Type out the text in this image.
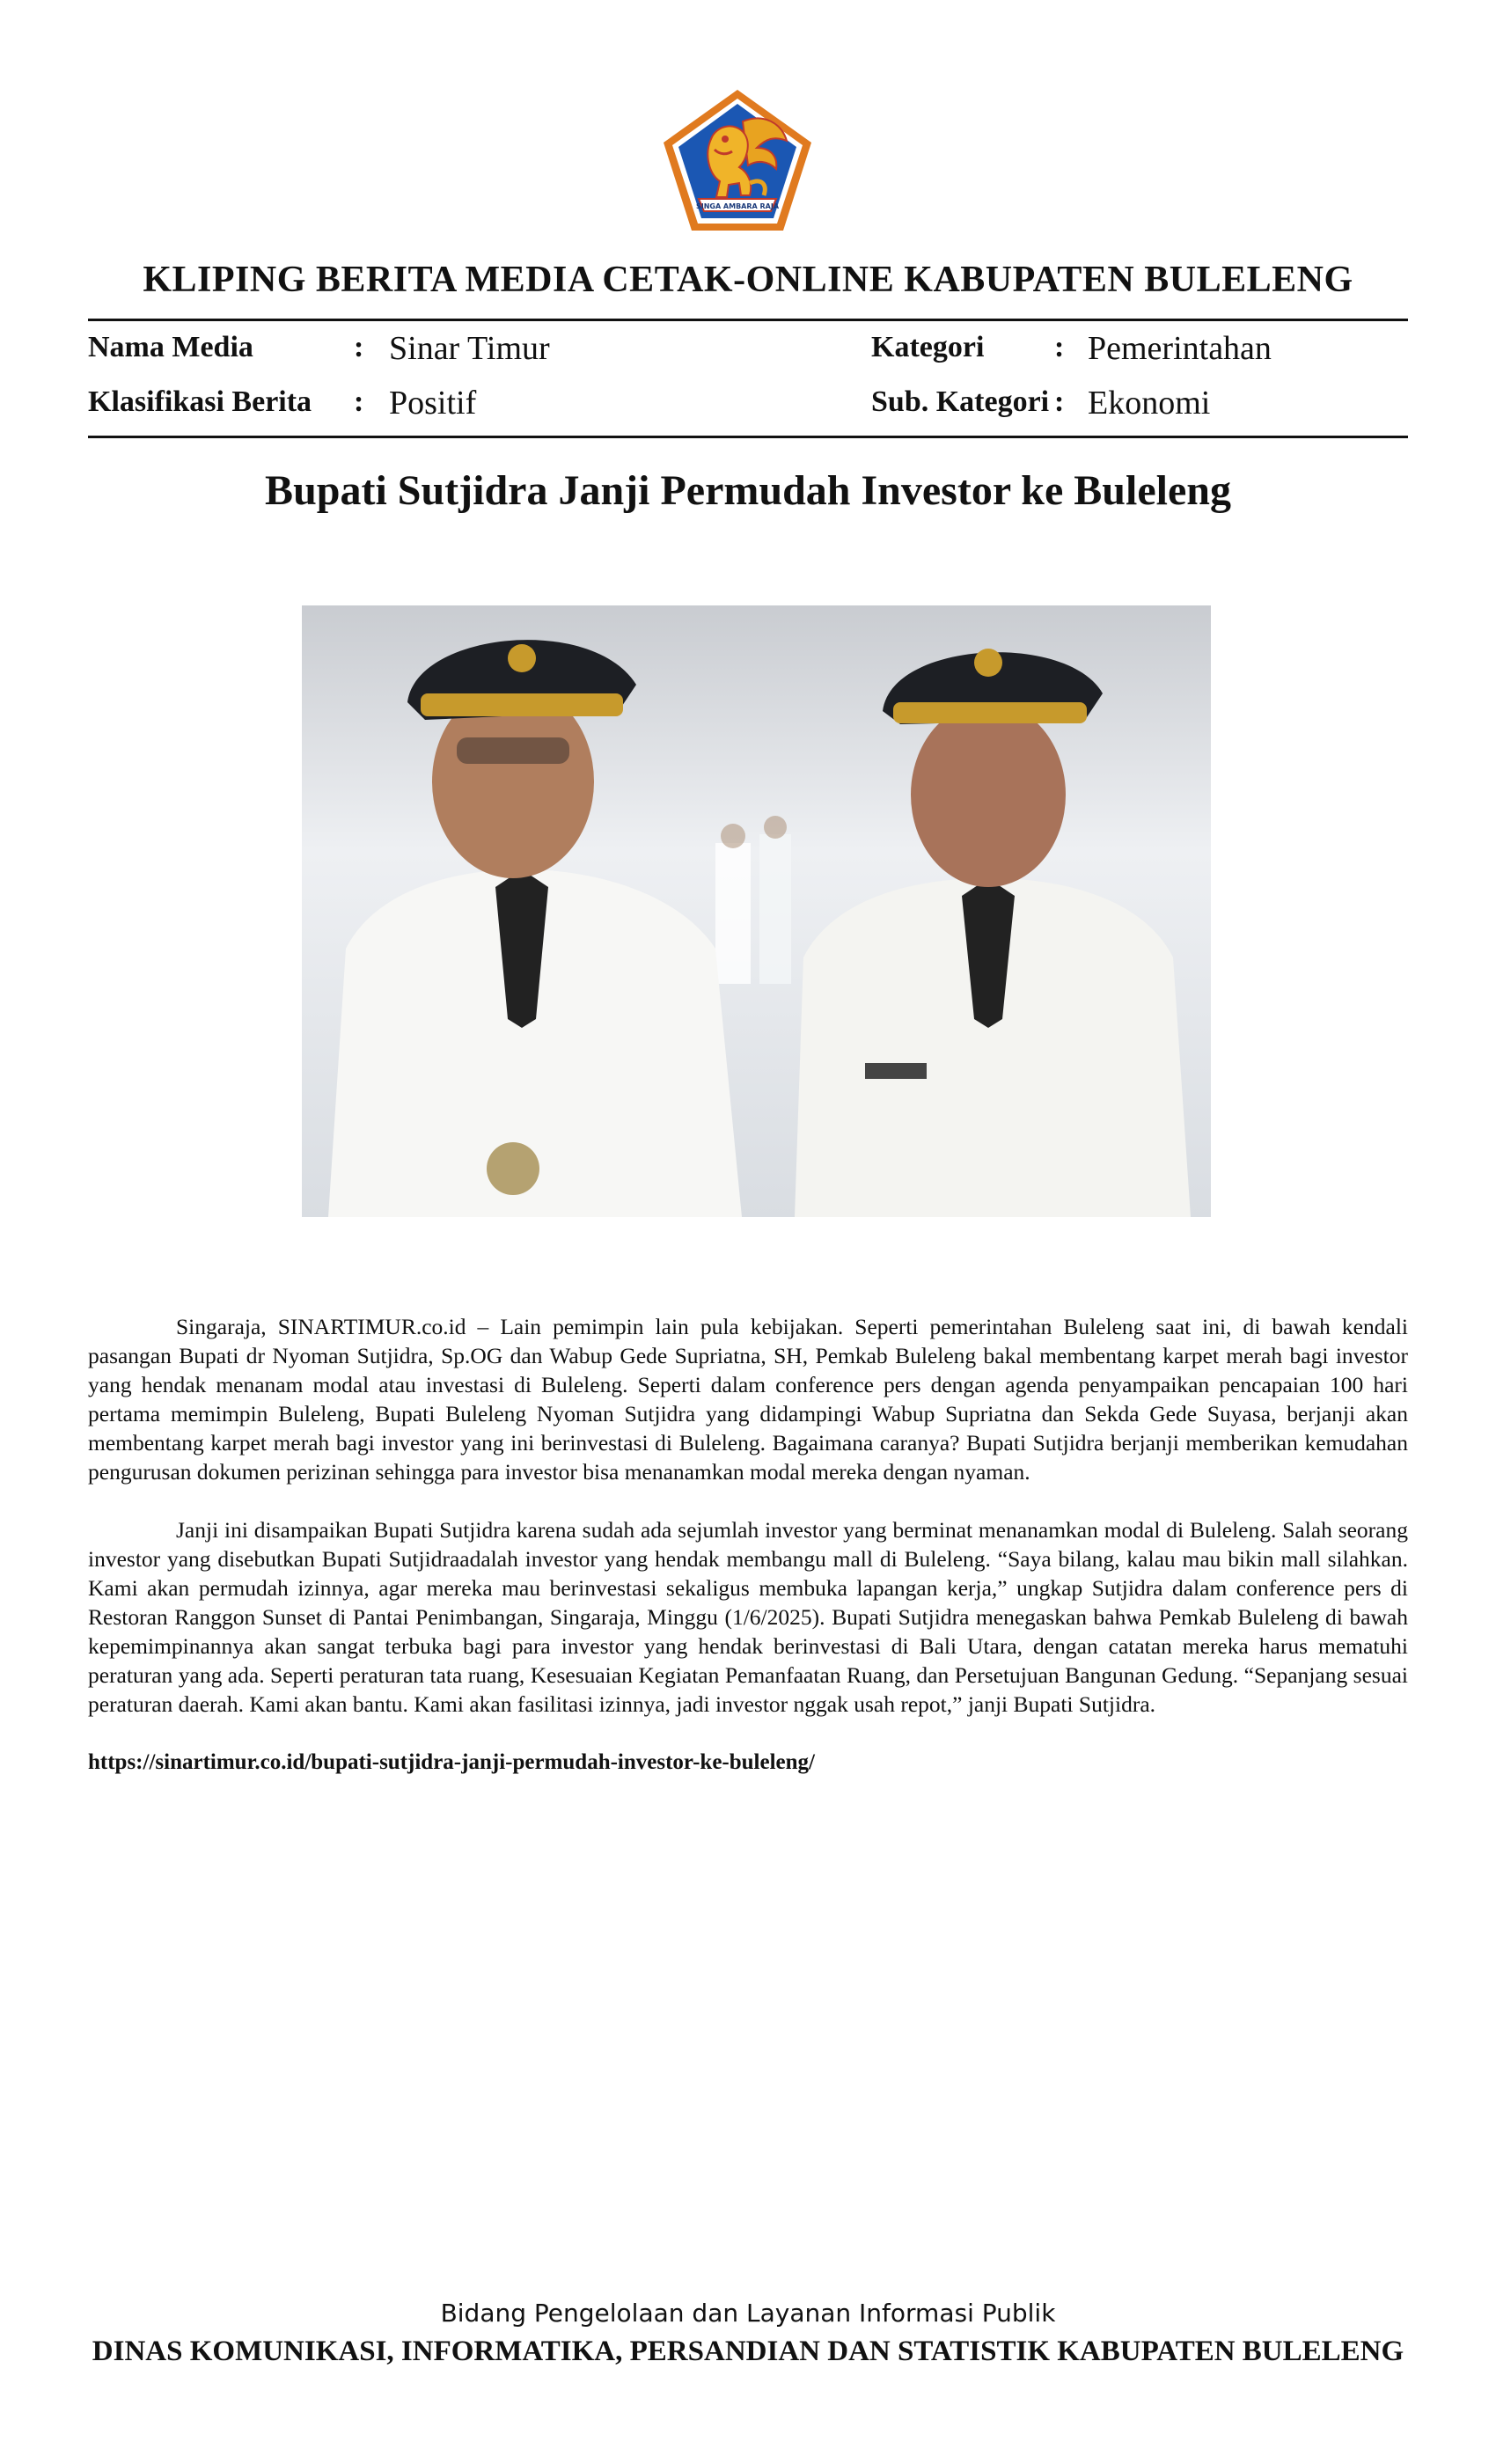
SINGA AMBARA RAJA
KLIPING BERITA MEDIA CETAK-ONLINE KABUPATEN BULELENG
Nama Media	: Sinar Timur	Kategori : Pemerintahan
Klasifikasi Berita : Positif	Sub. Kategori : Ekonomi
Bupati Sutjidra Janji Permudah Investor ke Buleleng

Singaraja, SINARTIMUR.co.id – Lain pemimpin lain pula kebijakan. Seperti pemerintahan Buleleng saat ini, di bawah kendali pasangan Bupati dr Nyoman Sutjidra, Sp.OG dan Wabup Gede Supriatna, SH, Pemkab Buleleng bakal membentang karpet merah bagi investor yang hendak menanam modal atau investasi di Buleleng. Seperti dalam conference pers dengan agenda penyampaikan pencapaian 100 hari pertama memimpin Buleleng, Bupati Buleleng Nyoman Sutjidra yang didampingi Wabup Supriatna dan Sekda Gede Suyasa, berjanji akan membentang karpet merah bagi investor yang ini berinvestasi di Buleleng. Bagaimana caranya? Bupati Sutjidra berjanji memberikan kemudahan pengurusan dokumen perizinan sehingga para investor bisa menanamkan modal mereka dengan nyaman.

Janji ini disampaikan Bupati Sutjidra karena sudah ada sejumlah investor yang berminat menanamkan modal di Buleleng. Salah seorang investor yang disebutkan Bupati Sutjidraadalah investor yang hendak membangu mall di Buleleng. “Saya bilang, kalau mau bikin mall silahkan. Kami akan permudah izinnya, agar mereka mau berinvestasi sekaligus membuka lapangan kerja,” ungkap Sutjidra dalam conference pers di Restoran Ranggon Sunset di Pantai Penimbangan, Singaraja, Minggu (1/6/2025). Bupati Sutjidra menegaskan bahwa Pemkab Buleleng di bawah kepemimpinannya akan sangat terbuka bagi para investor yang hendak berinvestasi di Bali Utara, dengan catatan mereka harus mematuhi peraturan yang ada. Seperti peraturan tata ruang, Kesesuaian Kegiatan Pemanfaatan Ruang, dan Persetujuan Bangunan Gedung. “Sepanjang sesuai peraturan daerah. Kami akan bantu. Kami akan fasilitasi izinnya, jadi investor nggak usah repot,” janji Bupati Sutjidra.

https://sinartimur.co.id/bupati-sutjidra-janji-permudah-investor-ke-buleleng/

Bidang Pengelolaan dan Layanan Informasi Publik
DINAS KOMUNIKASI, INFORMATIKA, PERSANDIAN DAN STATISTIK KABUPATEN BULELENG
